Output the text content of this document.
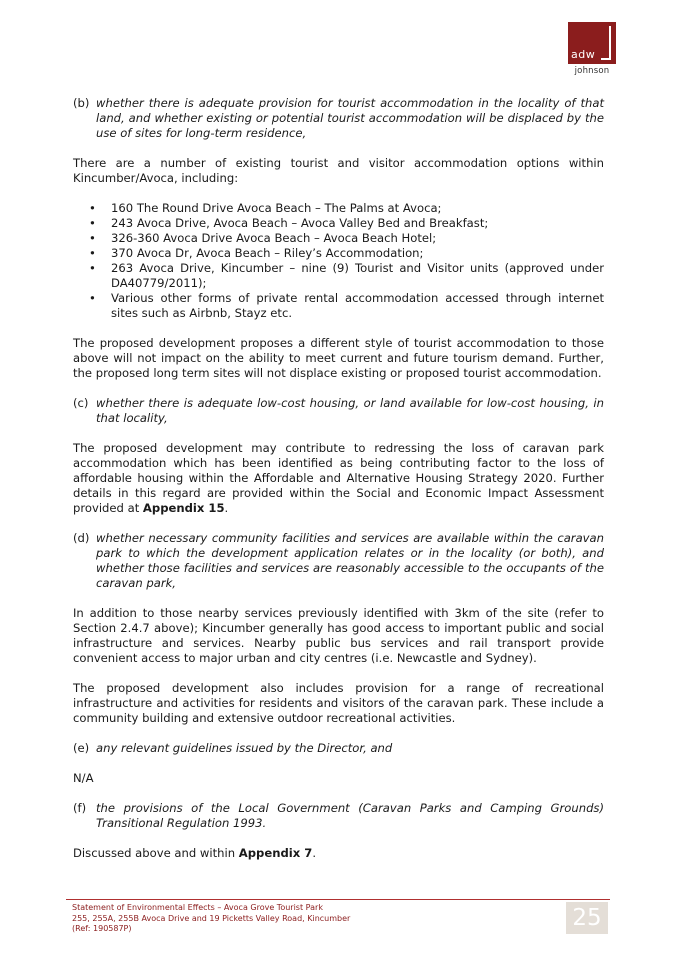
adw
johnson
(b) whether there is adequate provision for tourist accommodation in the locality of that land, and whether existing or potential tourist accommodation will be displaced by the use of sites for long-term residence,

There are a number of existing tourist and visitor accommodation options within Kincumber/Avoca, including:

•	160 The Round Drive Avoca Beach – The Palms at Avoca;
•	243 Avoca Drive, Avoca Beach – Avoca Valley Bed and Breakfast;
•	326-360 Avoca Drive Avoca Beach – Avoca Beach Hotel;
•	370 Avoca Dr, Avoca Beach – Riley’s Accommodation;
•	263 Avoca Drive, Kincumber – nine (9) Tourist and Visitor units (approved under DA40779/2011);
•	Various other forms of private rental accommodation accessed through internet sites such as Airbnb, Stayz etc.

The proposed development proposes a different style of tourist accommodation to those above will not impact on the ability to meet current and future tourism demand. Further, the proposed long term sites will not displace existing or proposed tourist accommodation.

(c) whether there is adequate low-cost housing, or land available for low-cost housing, in that locality,

The proposed development may contribute to redressing the loss of caravan park accommodation which has been identified as being contributing factor to the loss of affordable housing within the Affordable and Alternative Housing Strategy 2020. Further details in this regard are provided within the Social and Economic Impact Assessment provided at Appendix 15.

(d) whether necessary community facilities and services are available within the caravan park to which the development application relates or in the locality (or both), and whether those facilities and services are reasonably accessible to the occupants of the caravan park,

In addition to those nearby services previously identified with 3km of the site (refer to Section 2.4.7 above); Kincumber generally has good access to important public and social infrastructure and services. Nearby public bus services and rail transport provide convenient access to major urban and city centres (i.e. Newcastle and Sydney).

The proposed development also includes provision for a range of recreational infrastructure and activities for residents and visitors of the caravan park. These include a community building and extensive outdoor recreational activities.

(e) any relevant guidelines issued by the Director, and

N/A

(f) the provisions of the Local Government (Caravan Parks and Camping Grounds) Transitional Regulation 1993.

Discussed above and within Appendix 7.

Statement of Environmental Effects – Avoca Grove Tourist Park
255, 255A, 255B Avoca Drive and 19 Picketts Valley Road, Kincumber
(Ref: 190587P)	25
